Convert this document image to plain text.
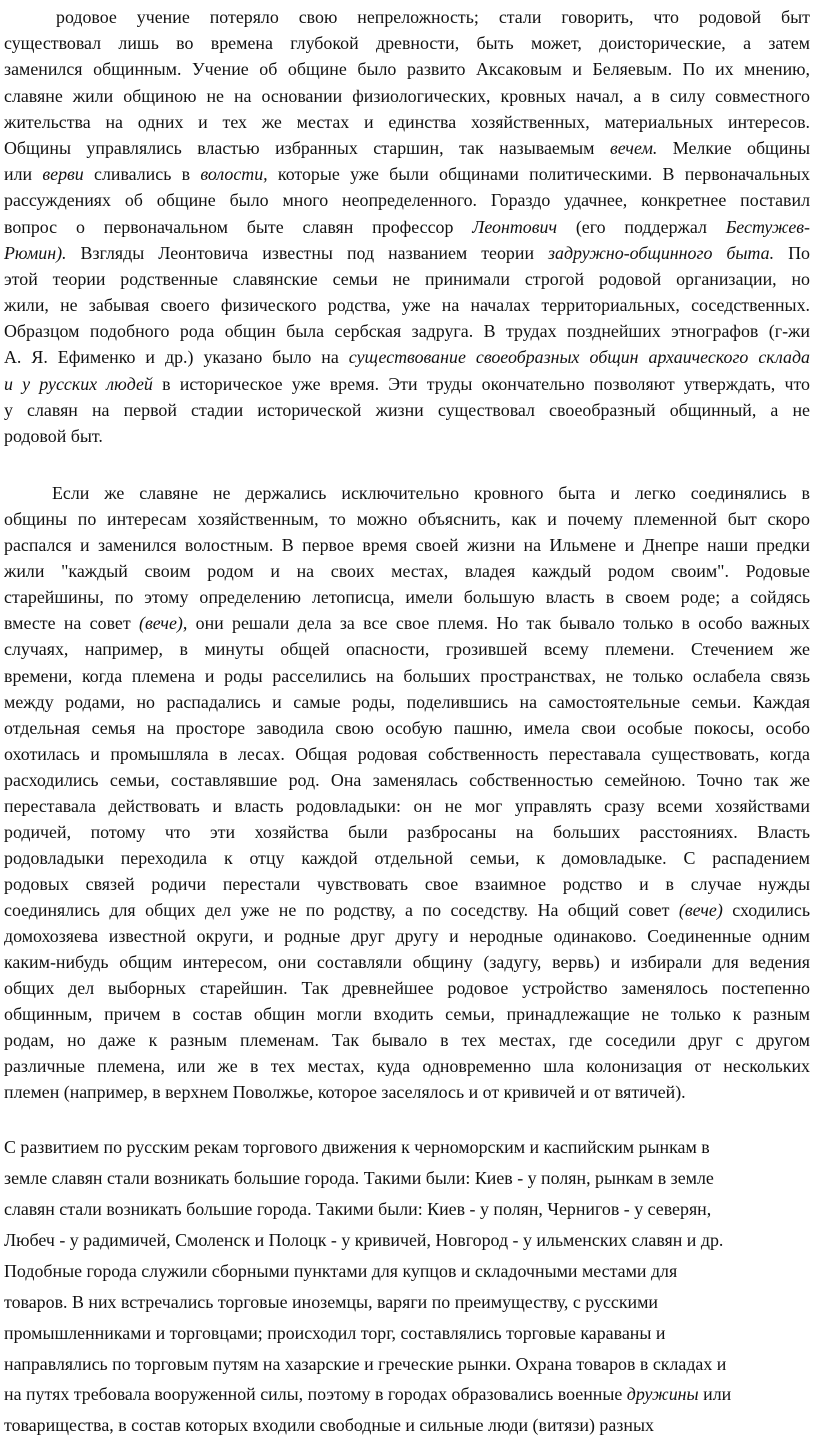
родовое учение потеряло свою непреложность; стали говорить, что родовой быт
существовал лишь во времена глубокой древности, быть может, доисторические, а затем
заменился общинным. Учение об общине было развито Аксаковым и Беляевым. По их мнению,
славяне жили общиною не на основании физиологических, кровных начал, а в силу совместного
жительства на одних и тех же местах и единства хозяйственных, материальных интересов.
Общины управлялись властью избранных старшин, так называемым вечем. Мелкие общины
или верви сливались в волости, которые уже были общинами политическими. В первоначальных
рассуждениях об общине было много неопределенного. Гораздо удачнее, конкретнее поставил
вопрос о первоначальном быте славян профессор Леонтович (его поддержал Бестужев-
Рюмин). Взгляды Леонтовича известны под названием теории задружно-общинного быта. По
этой теории родственные славянские семьи не принимали строгой родовой организации, но
жили, не забывая своего физического родства, уже на началах территориальных, соседственных.
Образцом подобного рода общин была сербская задруга. В трудах позднейших этнографов (г-жи
А. Я. Ефименко и др.) указано было на существование своеобразных общин архаического склада
и у русских людей в историческое уже время. Эти труды окончательно позволяют утверждать, что
у славян на первой стадии исторической жизни существовал своеобразный общинный, а не
родовой быт.
Если же славяне не держались исключительно кровного быта и легко соединялись в
общины по интересам хозяйственным, то можно объяснить, как и почему племенной быт скоро
распался и заменился волостным. В первое время своей жизни на Ильмене и Днепре наши предки
жили "каждый своим родом и на своих местах, владея каждый родом своим". Родовые
старейшины, по этому определению летописца, имели большую власть в своем роде; а сойдясь
вместе на совет (вече), они решали дела за все свое племя. Но так бывало только в особо важных
случаях, например, в минуты общей опасности, грозившей всему племени. Стечением же
времени, когда племена и роды расселились на больших пространствах, не только ослабела связь
между родами, но распадались и самые роды, поделившись на самостоятельные семьи. Каждая
отдельная семья на просторе заводила свою особую пашню, имела свои особые покосы, особо
охотилась и промышляла в лесах. Общая родовая собственность переставала существовать, когда
расходились семьи, составлявшие род. Она заменялась собственностью семейною. Точно так же
переставала действовать и власть родовладыки: он не мог управлять сразу всеми хозяйствами
родичей, потому что эти хозяйства были разбросаны на больших расстояниях. Власть
родовладыки переходила к отцу каждой отдельной семьи, к домовладыке. С распадением
родовых связей родичи перестали чувствовать свое взаимное родство и в случае нужды
соединялись для общих дел уже не по родству, а по соседству. На общий совет (вече) сходились
домохозяева известной округи, и родные друг другу и неродные одинаково. Соединенные одним
каким-нибудь общим интересом, они составляли общину (задугу, вервь) и избирали для ведения
общих дел выборных старейшин. Так древнейшее родовое устройство заменялось постепенно
общинным, причем в состав общин могли входить семьи, принадлежащие не только к разным
родам, но даже к разным племенам. Так бывало в тех местах, где соседили друг с другом
различные племена, или же в тех местах, куда одновременно шла колонизация от нескольких
племен (например, в верхнем Поволжье, которое заселялось и от кривичей и от вятичей).
С развитием по русским рекам торгового движения к черноморским и каспийским рынкам в
земле славян стали возникать большие города. Такими были: Киев - у полян, рынкам в земле
славян стали возникать большие города. Такими были: Киев - у полян, Чернигов - у северян,
Любеч - у радимичей, Смоленск и Полоцк - у кривичей, Новгород - у ильменских славян и др.
Подобные города служили сборными пунктами для купцов и складочными местами для
товаров. В них встречались торговые иноземцы, варяги по преимуществу, с русскими
промышленниками и торговцами; происходил торг, составлялись торговые караваны и
направлялись по торговым путям на хазарские и греческие рынки. Охрана товаров в складах и
на путях требовала вооруженной силы, поэтому в городах образовались военные дружины или
товарищества, в состав которых входили свободные и сильные люди (витязи) разных
